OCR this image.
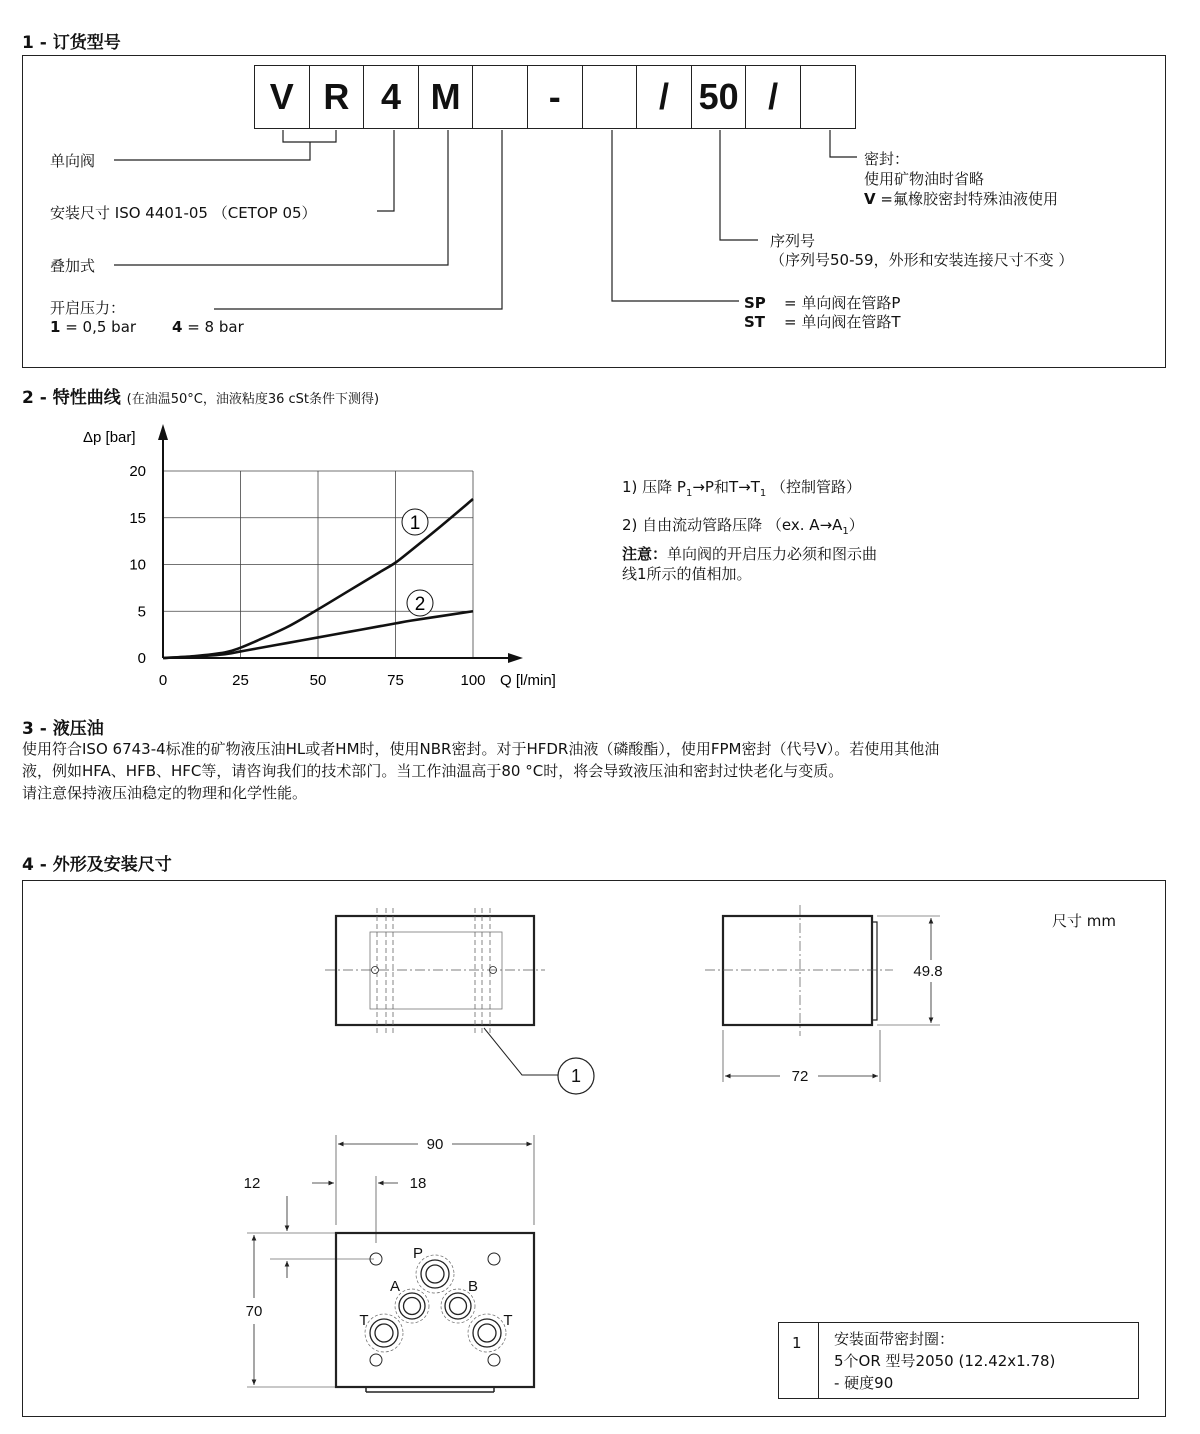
1 - 订货型号
V R 4 M	-	/ 50 /
单向阀
安装尺寸 ISO 4401-05 （CETOP 05）
叠加式
开启压力：
1 = 0,5 bar 4 = 8 bar
密封：
使用矿物油时省略
V =氟橡胶密封特殊油液使用
序列号
（序列号50-59，外形和安装连接尺寸不变 ）
SP = 单向阀在管路P
ST = 单向阀在管路T
2 - 特性曲线 (在油温50°C，油液粘度36 cSt条件下测得)
0	25	50	75	100
0
5
10
15
20
Q [l/min]
Δp [bar]
1
2
1) 压降 $P_1\to P$和$T\to T_1$ （控制管路）
2) 自由流动管路压降 （ex. $A\to A_1$）
注意：单向阀的开启压力必须和图示曲
线1所示的值相加。
3 - 液压油
使用符合ISO 6743-4标准的矿物液压油HL或者HM时，使用NBR密封。对于HFDR油液（磷酸酯），使用FPM密封（代号V）。若使用其他油
液，例如HFA、HFB、HFC等，请咨询我们的技术部门。当工作油温高于80 °C时，将会导致液压油和密封过快老化与变质。
请注意保持液压油稳定的物理和化学性能。
4 - 外形及安装尺寸
尺寸 mm
1
49.8
72
90
12	18
70
P
A	B
T	T
1 安装面带密封圈：
5个OR 型号2050 (12.42x1.78)
- 硬度90
